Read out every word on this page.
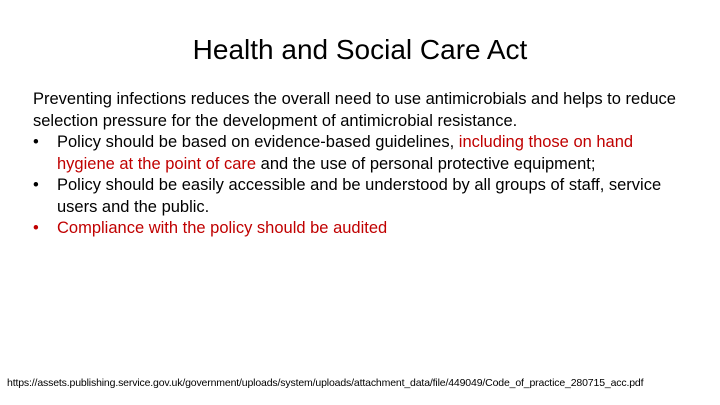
Health and Social Care Act

Preventing infections reduces the overall need to use antimicrobials and helps to reduce selection pressure for the development of antimicrobial resistance.

•	Policy should be based on evidence-based guidelines, including those on hand hygiene at the point of care and the use of personal protective equipment;
•	Policy should be easily accessible and be understood by all groups of staff, service users and the public.
•	Compliance with the policy should be audited
https://assets.publishing.service.gov.uk/government/uploads/system/uploads/attachment_data/file/449049/Code_of_practice_280715_acc.pdf
